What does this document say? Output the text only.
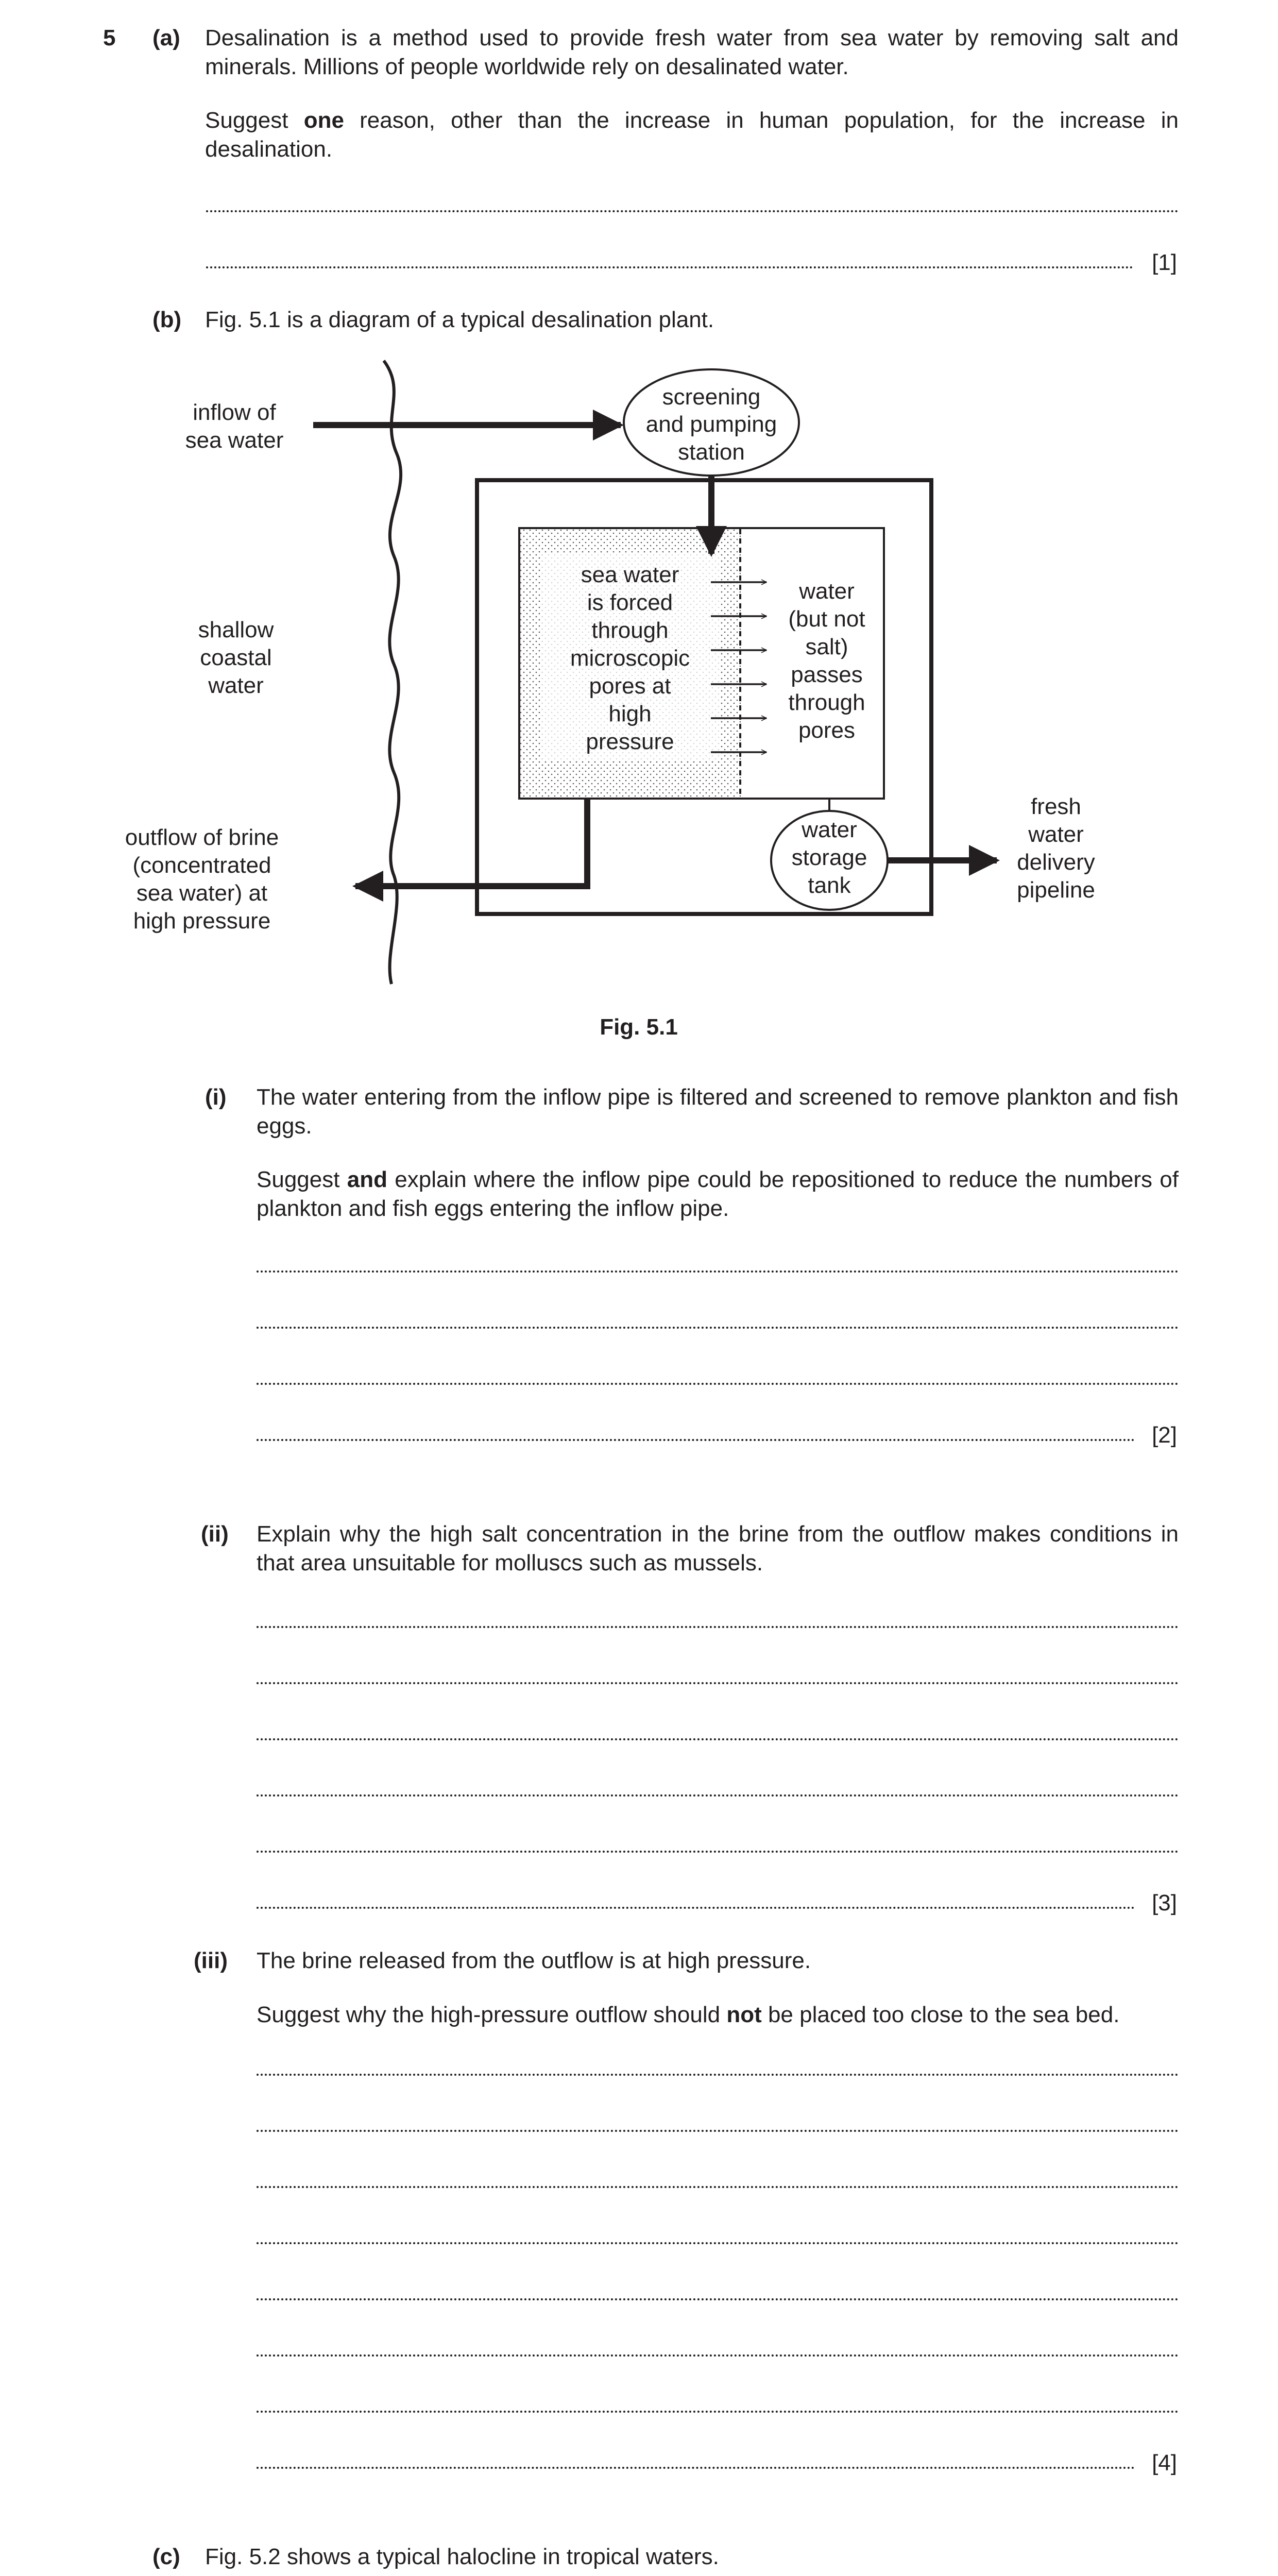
5 (a) Desalination is a method used to provide fresh water from sea water by removing salt and minerals. Millions of people worldwide rely on desalinated water.
Suggest one reason, other than the increase in human population, for the increase in desalination.
[1]
(b) Fig. 5.1 is a diagram of a typical desalination plant.
inflow of
sea water
shallow
coastal
water
screening
and pumping
station
sea water
is forced
through
microscopic
pores at
high
pressure
water
(but not
salt)
passes
through
pores
water
storage
tank
fresh
water
delivery
pipeline
outflow of brine
(concentrated
sea water) at
high pressure
Fig. 5.1
(i) The water entering from the inflow pipe is filtered and screened to remove plankton and fish eggs.
Suggest and explain where the inflow pipe could be repositioned to reduce the numbers of plankton and fish eggs entering the inflow pipe.
[2]
(ii) Explain why the high salt concentration in the brine from the outflow makes conditions in that area unsuitable for molluscs such as mussels.
[3]
(iii) The brine released from the outflow is at high pressure.
Suggest why the high-pressure outflow should not be placed too close to the sea bed.
[4]
(c) Fig. 5.2 shows a typical halocline in tropical waters.
